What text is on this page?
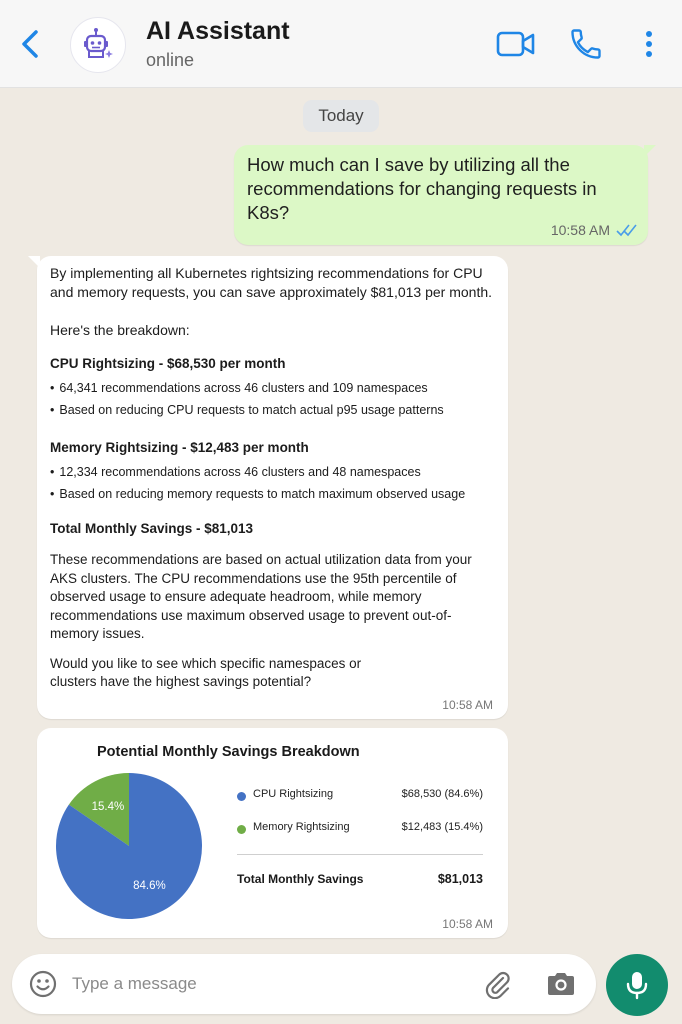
AI Assistant
online
Today
How much can I save by utilizing all the recommendations for changing requests in K8s?
10:58 AM
By implementing all Kubernetes rightsizing recommendations for CPU and memory requests, you can save approximately $81,013 per month.
Here's the breakdown:
CPU Rightsizing - $68,530 per month
• 64,341 recommendations across 46 clusters and 109 namespaces
• Based on reducing CPU requests to match actual p95 usage patterns
Memory Rightsizing - $12,483 per month
• 12,334 recommendations across 46 clusters and 48 namespaces
• Based on reducing memory requests to match maximum observed usage
Total Monthly Savings - $81,013
These recommendations are based on actual utilization data from your AKS clusters. The CPU recommendations use the 95th percentile of observed usage to ensure adequate headroom, while memory recommendations use maximum observed usage to prevent out-of-memory issues.
Would you like to see which specific namespaces or clusters have the highest savings potential?
10:58 AM
Potential Monthly Savings Breakdown
15.4%
84.6%
CPU Rightsizing	$68,530 (84.6%)
Memory Rightsizing	$12,483 (15.4%)
Total Monthly Savings	$81,013
10:58 AM
Type a message
